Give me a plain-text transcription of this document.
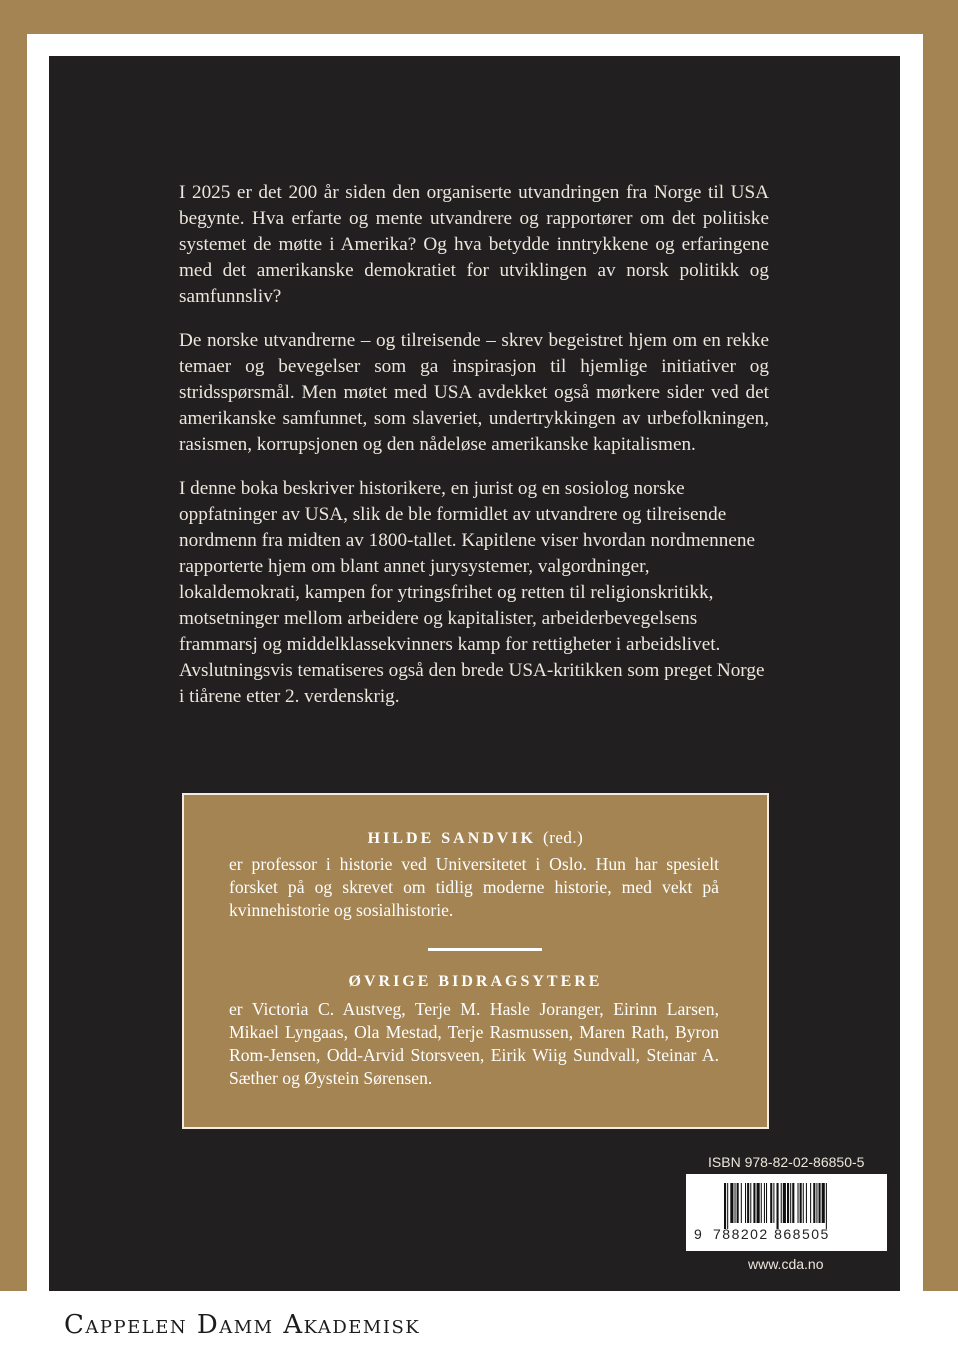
I 2025 er det 200 år siden den organiserte utvandringen fra Norge til USA begynte. Hva erfarte og mente utvandrere og rapportører om det politiske systemet de møtte i Amerika? Og hva betydde inntrykkene og erfaringene med det amerikanske demokratiet for utviklingen av norsk politikk og samfunnsliv?

De norske utvandrerne – og tilreisende – skrev begeistret hjem om en rekke temaer og bevegelser som ga inspirasjon til hjemlige initiativer og stridsspørsmål. Men møtet med USA avdekket også mørkere sider ved det amerikanske samfunnet, som slaveriet, undertrykkingen av urbefolkningen, rasismen, korrupsjonen og den nådeløse amerikanske kapitalismen.

I denne boka beskriver historikere, en jurist og en sosiolog norske oppfatninger av USA, slik de ble formidlet av utvandrere og tilreisende nordmenn fra midten av 1800-tallet. Kapitlene viser hvordan nordmennene rapporterte hjem om blant annet jurysystemer, valgordninger, lokaldemokrati, kampen for ytringsfrihet og retten til religionskritikk, motsetninger mellom arbeidere og kapitalister, arbeiderbevegelsens frammarsj og middelklassekvinners kamp for rettigheter i arbeidslivet. Avslutningsvis tematiseres også den brede USA-kritikken som preget Norge i tiårene etter 2. verdenskrig.

HILDE SANDVIK (red.)
er professor i historie ved Universitetet i Oslo. Hun har spesielt forsket på og skrevet om tidlig moderne historie, med vekt på kvinnehistorie og sosialhistorie.
ØVRIGE BIDRAGSYTERE
er Victoria C. Austveg, Terje M. Hasle Joranger, Eirinn Larsen, Mikael Lyngaas, Ola Mestad, Terje Rasmussen, Maren Rath, Byron Rom-Jensen, Odd-Arvid Storsveen, Eirik Wiig Sundvall, Steinar A. Sæther og Øystein Sørensen.
ISBN 978-82-02-86850-5
9 788202 868505
www.cda.no
Cappelen Damm Akademisk
